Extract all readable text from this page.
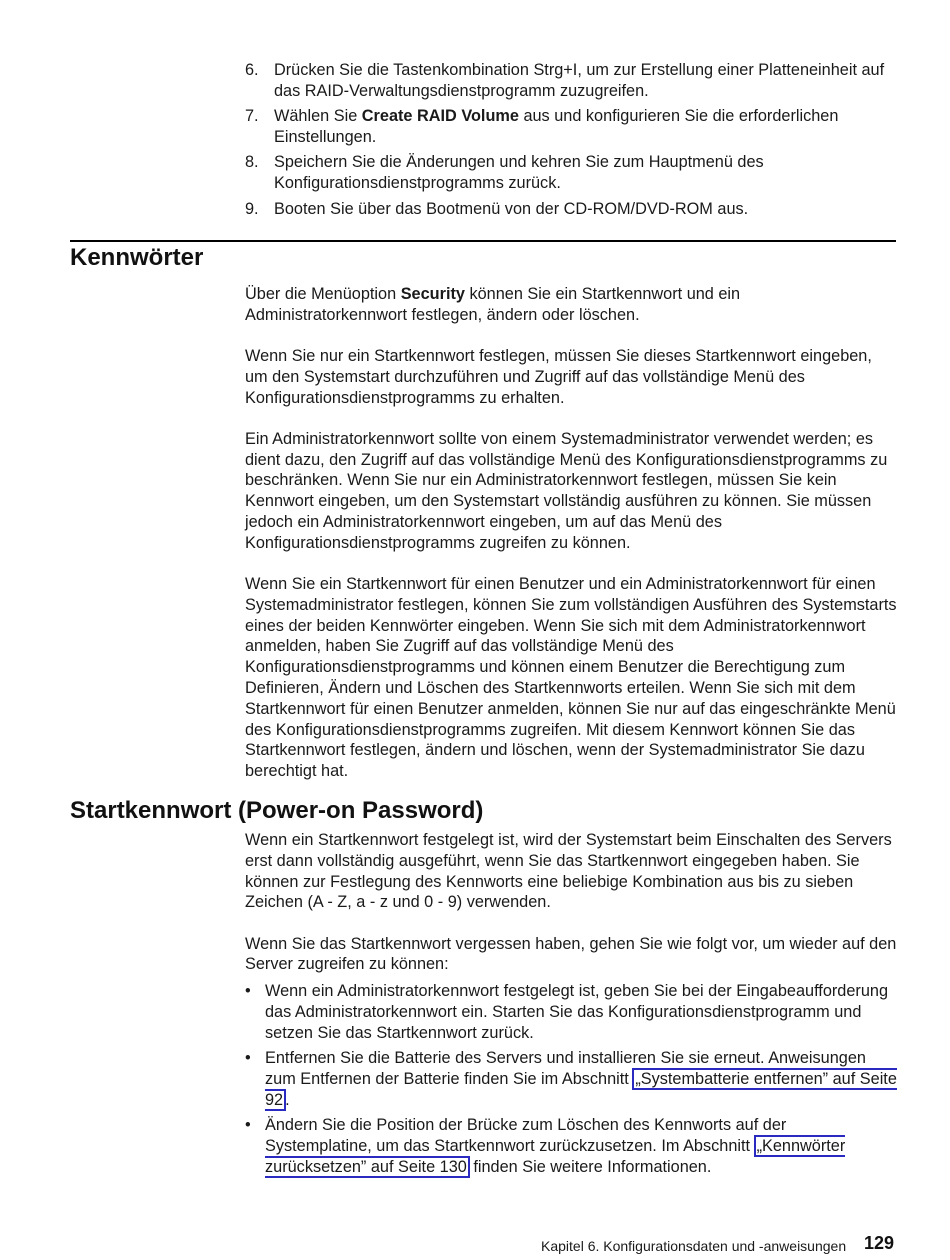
6. Drücken Sie die Tastenkombination Strg+I, um zur Erstellung einer Platteneinheit auf das RAID-Verwaltungsdienstprogramm zuzugreifen.
7. Wählen Sie Create RAID Volume aus und konfigurieren Sie die erforderlichen Einstellungen.
8. Speichern Sie die Änderungen und kehren Sie zum Hauptmenü des Konfigurationsdienstprogramms zurück.
9. Booten Sie über das Bootmenü von der CD-ROM/DVD-ROM aus.
Kennwörter

Über die Menüoption Security können Sie ein Startkennwort und ein Administratorkennwort festlegen, ändern oder löschen.

Wenn Sie nur ein Startkennwort festlegen, müssen Sie dieses Startkennwort eingeben, um den Systemstart durchzuführen und Zugriff auf das vollständige Menü des Konfigurationsdienstprogramms zu erhalten.

Ein Administratorkennwort sollte von einem Systemadministrator verwendet werden; es dient dazu, den Zugriff auf das vollständige Menü des Konfigurationsdienstprogramms zu beschränken. Wenn Sie nur ein Administratorkennwort festlegen, müssen Sie kein Kennwort eingeben, um den Systemstart vollständig ausführen zu können. Sie müssen jedoch ein Administratorkennwort eingeben, um auf das Menü des Konfigurationsdienstprogramms zugreifen zu können.

Wenn Sie ein Startkennwort für einen Benutzer und ein Administratorkennwort für einen Systemadministrator festlegen, können Sie zum vollständigen Ausführen des Systemstarts eines der beiden Kennwörter eingeben. Wenn Sie sich mit dem Administratorkennwort anmelden, haben Sie Zugriff auf das vollständige Menü des Konfigurationsdienstprogramms und können einem Benutzer die Berechtigung zum Definieren, Ändern und Löschen des Startkennworts erteilen. Wenn Sie sich mit dem Startkennwort für einen Benutzer anmelden, können Sie nur auf das eingeschränkte Menü des Konfigurationsdienstprogramms zugreifen. Mit diesem Kennwort können Sie das Startkennwort festlegen, ändern und löschen, wenn der Systemadministrator Sie dazu berechtigt hat.

Startkennwort (Power-on Password)

Wenn ein Startkennwort festgelegt ist, wird der Systemstart beim Einschalten des Servers erst dann vollständig ausgeführt, wenn Sie das Startkennwort eingegeben haben. Sie können zur Festlegung des Kennworts eine beliebige Kombination aus bis zu sieben Zeichen (A - Z, a - z und 0 - 9) verwenden.

Wenn Sie das Startkennwort vergessen haben, gehen Sie wie folgt vor, um wieder auf den Server zugreifen zu können:

• Wenn ein Administratorkennwort festgelegt ist, geben Sie bei der Eingabeaufforderung das Administratorkennwort ein. Starten Sie das Konfigurationsdienstprogramm und setzen Sie das Startkennwort zurück.
• Entfernen Sie die Batterie des Servers und installieren Sie sie erneut. Anweisungen zum Entfernen der Batterie finden Sie im Abschnitt „Systembatterie entfernen” auf Seite 92 .
• Ändern Sie die Position der Brücke zum Löschen des Kennworts auf der Systemplatine, um das Startkennwort zurückzusetzen. Im Abschnitt „Kennwörter zurücksetzen” auf Seite 130 finden Sie weitere Informationen.
Kapitel 6. Konfigurationsdaten und -anweisungen 129
